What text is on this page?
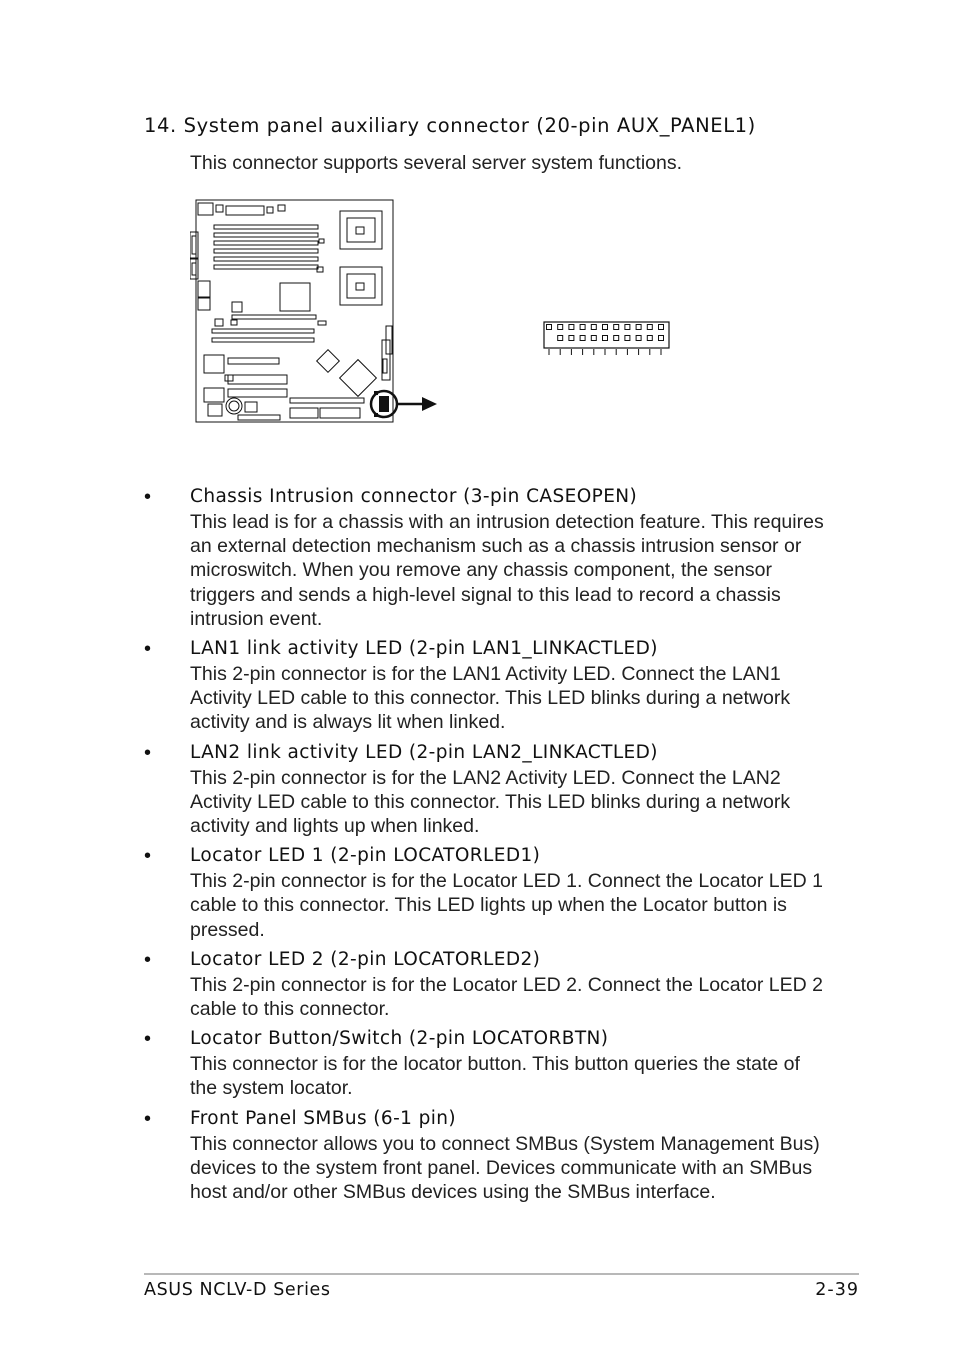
14. System panel auxiliary connector (20-pin AUX_PANEL1)
This connector supports several server system functions.
• Chassis Intrusion connector (3-pin CASEOPEN)
This lead is for a chassis with an intrusion detection feature. This requires an external detection mechanism such as a chassis intrusion sensor or microswitch. When you remove any chassis component, the sensor triggers and sends a high-level signal to this lead to record a chassis intrusion event.
• LAN1 link activity LED (2-pin LAN1_LINKACTLED)
This 2-pin connector is for the LAN1 Activity LED. Connect the LAN1 Activity LED cable to this connector. This LED blinks during a network activity and is always lit when linked.
• LAN2 link activity LED (2-pin LAN2_LINKACTLED)
This 2-pin connector is for the LAN2 Activity LED. Connect the LAN2 Activity LED cable to this connector. This LED blinks during a network activity and lights up when linked.
• Locator LED 1 (2-pin LOCATORLED1)
This 2-pin connector is for the Locator LED 1. Connect the Locator LED 1 cable to this connector. This LED lights up when the Locator button is pressed.
• Locator LED 2 (2-pin LOCATORLED2)
This 2-pin connector is for the Locator LED 2. Connect the Locator LED 2 cable to this connector.
• Locator Button/Switch (2-pin LOCATORBTN)
This connector is for the locator button. This button queries the state of the system locator.
• Front Panel SMBus (6-1 pin)
This connector allows you to connect SMBus (System Management Bus) devices to the system front panel. Devices communicate with an SMBus host and/or other SMBus devices using the SMBus interface.
ASUS NCLV-D Series	2-39
